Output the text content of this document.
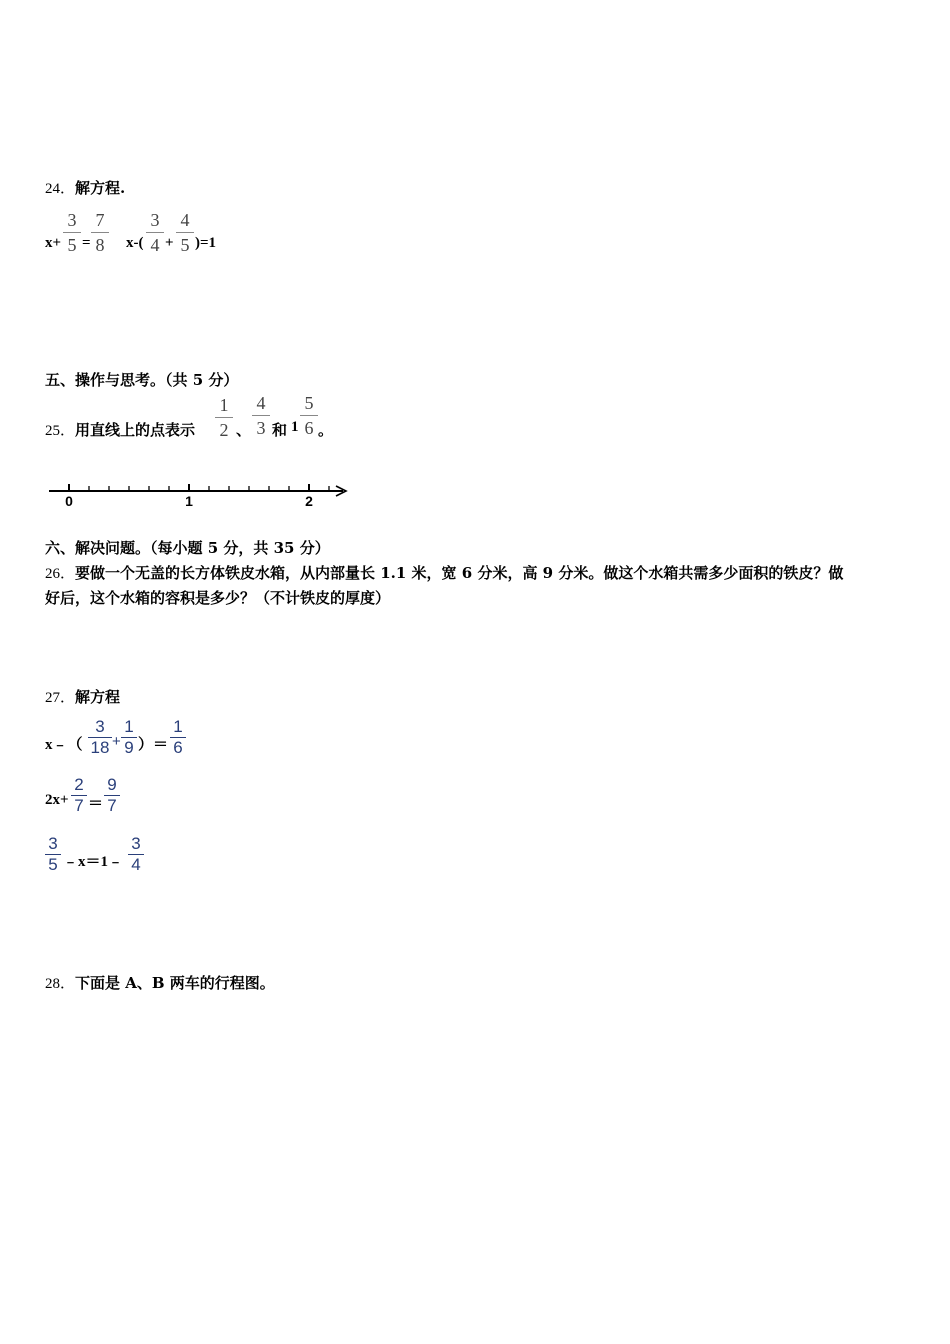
24．解方程.
x+
3
5 =
7
8	x-(
3
4 +
4
5 )=1
五、操作与思考。（共 5 分）
25．用直线上的点表示
1
2 、
4
3 和 1
5
6 。
0	1	2
六、解决问题。（每小题 5 分，共 35 分）
26．要做一个无盖的长方体铁皮水箱，从内部量长 1.1 米，宽 6 分米，高 9 分米。做这个水箱共需多少面积的铁皮？做
好后，这个水箱的容积是多少？（不计铁皮的厚度）
27．解方程
x﹣（
3
18 +
1
9 ）＝
1
6
2x+
2
7 ＝
9
7
3
5 ﹣x＝1﹣
3
4
28．下面是 A、B 两车的行程图。
